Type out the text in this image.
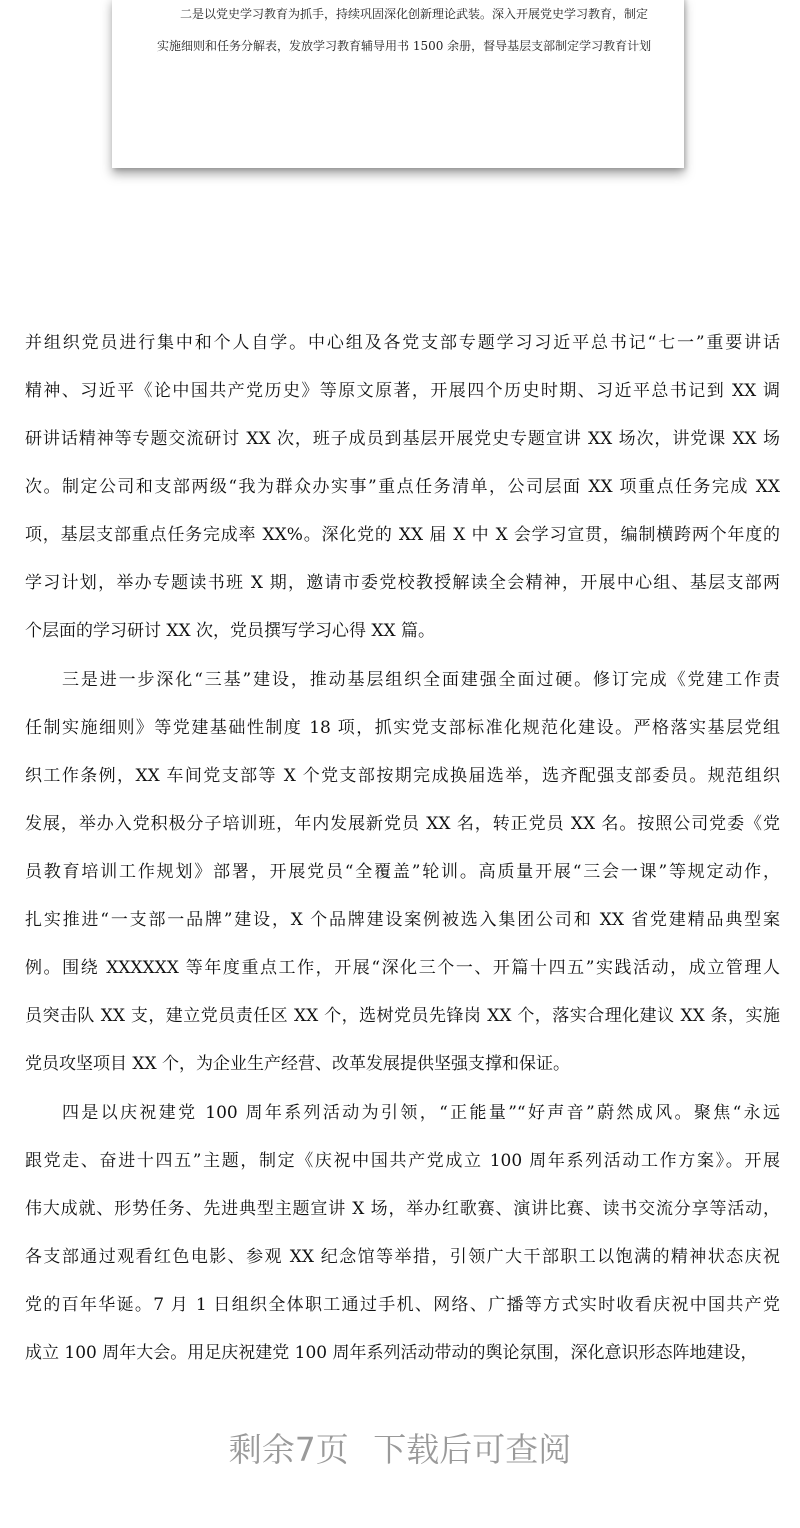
二是以党史学习教育为抓手，持续巩固深化创新理论武装。深入开展党史学习教育，制定
实施细则和任务分解表，发放学习教育辅导用书 1500 余册，督导基层支部制定学习教育计划
并组织党员进行集中和个人自学。中心组及各党支部专题学习习近平总书记“七一”重要讲话
精神、习近平《论中国共产党历史》等原文原著，开展四个历史时期、习近平总书记到 XX 调
研讲话精神等专题交流研讨 XX 次，班子成员到基层开展党史专题宣讲 XX 场次，讲党课 XX 场
次。制定公司和支部两级“我为群众办实事”重点任务清单，公司层面 XX 项重点任务完成 XX
项，基层支部重点任务完成率 XX%。深化党的 XX 届 X 中 X 会学习宣贯，编制横跨两个年度的
学习计划，举办专题读书班 X 期，邀请市委党校教授解读全会精神，开展中心组、基层支部两
个层面的学习研讨 XX 次，党员撰写学习心得 XX 篇。
三是进一步深化“三基”建设，推动基层组织全面建强全面过硬。修订完成《党建工作责
任制实施细则》等党建基础性制度 18 项，抓实党支部标准化规范化建设。严格落实基层党组
织工作条例，XX 车间党支部等 X 个党支部按期完成换届选举，选齐配强支部委员。规范组织
发展，举办入党积极分子培训班，年内发展新党员 XX 名，转正党员 XX 名。按照公司党委《党
员教育培训工作规划》部署，开展党员“全覆盖”轮训。高质量开展“三会一课”等规定动作，
扎实推进“一支部一品牌”建设，X 个品牌建设案例被选入集团公司和 XX 省党建精品典型案
例。围绕 XXXXXX 等年度重点工作，开展“深化三个一、开篇十四五”实践活动，成立管理人
员突击队 XX 支，建立党员责任区 XX 个，选树党员先锋岗 XX 个，落实合理化建议 XX 条，实施
党员攻坚项目 XX 个，为企业生产经营、改革发展提供坚强支撑和保证。
四是以庆祝建党 100 周年系列活动为引领，“正能量”“好声音”蔚然成风。聚焦“永远
跟党走、奋进十四五”主题，制定《庆祝中国共产党成立 100 周年系列活动工作方案》。开展
伟大成就、形势任务、先进典型主题宣讲 X 场，举办红歌赛、演讲比赛、读书交流分享等活动，
各支部通过观看红色电影、参观 XX 纪念馆等举措，引领广大干部职工以饱满的精神状态庆祝
党的百年华诞。7 月 1 日组织全体职工通过手机、网络、广播等方式实时收看庆祝中国共产党
成立 100 周年大会。用足庆祝建党 100 周年系列活动带动的舆论氛围，深化意识形态阵地建设，
剩余7页 下载后可查阅
